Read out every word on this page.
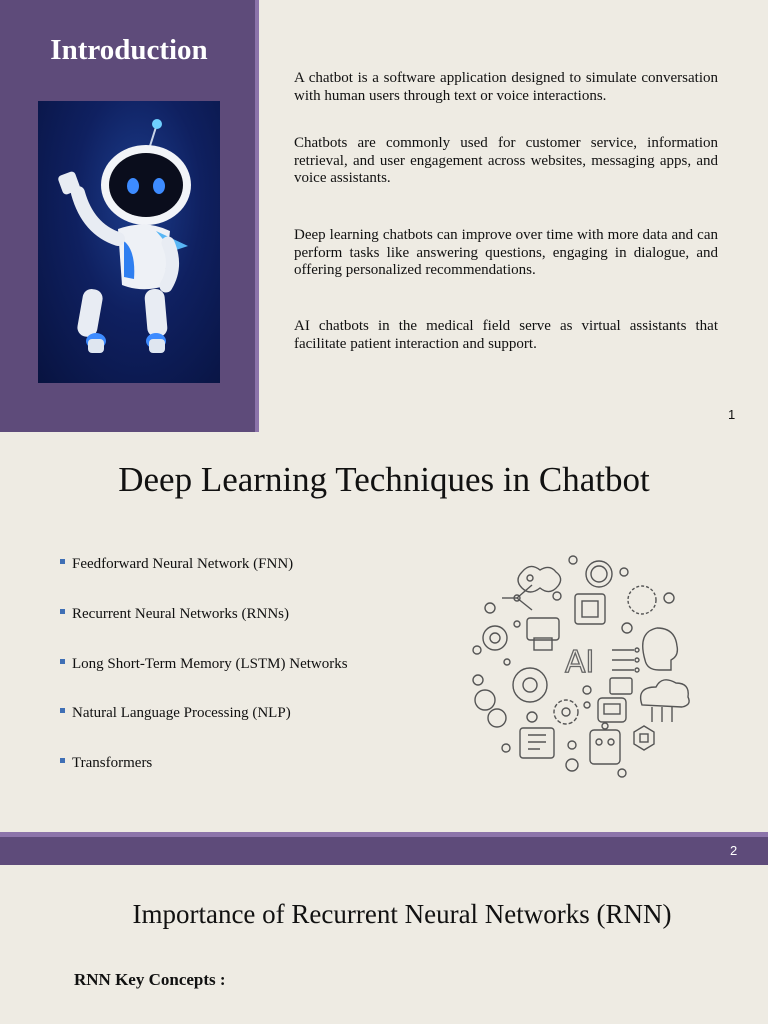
Introduction

A chatbot is a software application designed to simulate conversation with human users through text or voice interactions.

Chatbots are commonly used for customer service, information retrieval, and user engagement across websites, messaging apps, and voice assistants.

Deep learning chatbots can improve over time with more data and can perform tasks like answering questions, engaging in dialogue, and offering personalized recommendations.

AI chatbots in the medical field serve as virtual assistants that facilitate patient interaction and support.

1
Deep Learning Techniques in Chatbot
Feedforward Neural Network (FNN)
Recurrent Neural Networks (RNNs)
Long Short-Term Memory (LSTM) Networks
Natural Language Processing (NLP)
Transformers
AI
2
Importance of Recurrent Neural Networks (RNN)
RNN Key Concepts :
